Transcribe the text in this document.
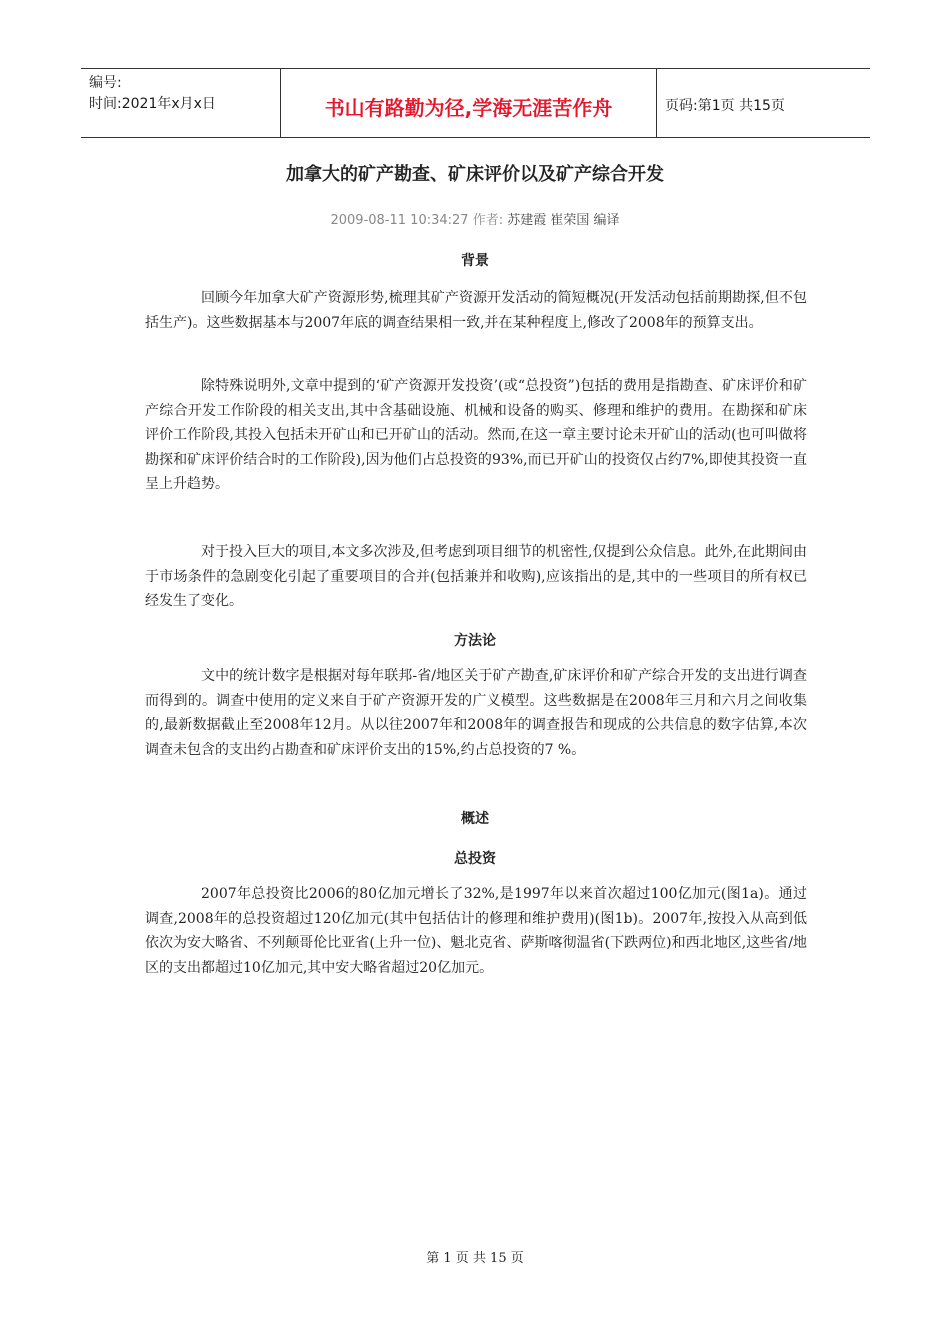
编号:
时间:2021年x月x日	书山有路勤为径,学海无涯苦作舟	页码:第1页 共15页
加拿大的矿产勘查、矿床评价以及矿产综合开发
2009-08-11 10:34:27 作者: 苏建霞 崔荣国 编译
背景
回顾今年加拿大矿产资源形势,梳理其矿产资源开发活动的简短概况(开发活动包括前期勘探,但不包括生产)。这些数据基本与2007年底的调查结果相一致,并在某种程度上,修改了2008年的预算支出。
除特殊说明外,文章中提到的‘矿产资源开发投资’(或“总投资”)包括的费用是指勘查、矿床评价和矿产综合开发工作阶段的相关支出,其中含基础设施、机械和设备的购买、修理和维护的费用。在勘探和矿床评价工作阶段,其投入包括未开矿山和已开矿山的活动。然而,在这一章主要讨论未开矿山的活动(也可叫做将勘探和矿床评价结合时的工作阶段),因为他们占总投资的93%,而已开矿山的投资仅占约7%,即使其投资一直呈上升趋势。
对于投入巨大的项目,本文多次涉及,但考虑到项目细节的机密性,仅提到公众信息。此外,在此期间由于市场条件的急剧变化引起了重要项目的合并(包括兼并和收购),应该指出的是,其中的一些项目的所有权已经发生了变化。
方法论
文中的统计数字是根据对每年联邦-省/地区关于矿产勘查,矿床评价和矿产综合开发的支出进行调查而得到的。调查中使用的定义来自于矿产资源开发的广义模型。这些数据是在2008年三月和六月之间收集的,最新数据截止至2008年12月。从以往2007年和2008年的调查报告和现成的公共信息的数字估算,本次调查未包含的支出约占勘查和矿床评价支出的15%,约占总投资的7 %。
概述
总投资
2007年总投资比2006的80亿加元增长了32%,是1997年以来首次超过100亿加元(图1a)。通过调查,2008年的总投资超过120亿加元(其中包括估计的修理和维护费用)(图1b)。2007年,按投入从高到低依次为安大略省、不列颠哥伦比亚省(上升一位)、魁北克省、萨斯喀彻温省(下跌两位)和西北地区,这些省/地区的支出都超过10亿加元,其中安大略省超过20亿加元。
第 1 页 共 15 页
